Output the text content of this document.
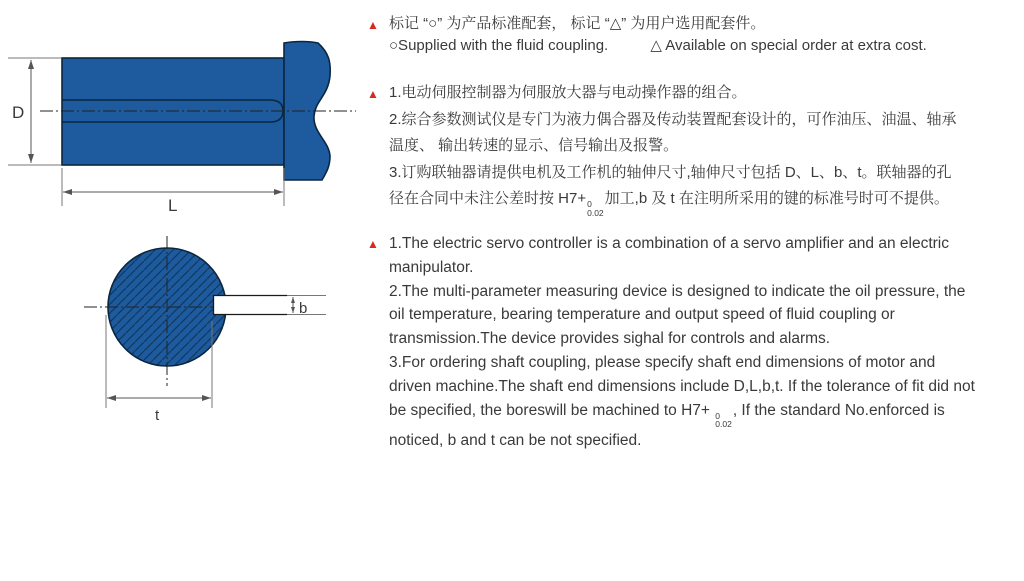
D
L
b
t
▲ 标记 “○” 为产品标准配套， 标记 “△” 为用户选用配套件。
○Supplied with the fluid coupling.	△ Available on special order at extra cost.
▲ 1.电动伺服控制器为伺服放大器与电动操作器的组合。
2.综合参数测试仪是专门为液力偶合器及传动装置配套设计的，可作油压、油温、轴承
温度、 输出转速的显示、信号输出及报警。
3.订购联轴器请提供电机及工作机的轴伸尺寸,轴伸尺寸包括 D、L、b、t。联轴器的孔
径在合同中未注公差时按 H7+ 0
0.02
加工,b 及 t 在注明所采用的键的标准号时可不提供。
▲ 1.The electric servo controller is a combination of a servo amplifier and an electric
manipulator.
2.The multi-parameter measuring device is designed to indicate the oil pressure, the
oil temperature, bearing temperature and output speed of fluid coupling or
transmission.The device provides sighal for controls and alarms.
3.For ordering shaft coupling, please specify shaft end dimensions of motor and
driven machine.The shaft end dimensions include D,L,b,t. If the tolerance of fit did not
be specified, the boreswill be machined to H7+ 0
0.02
, If the standard No.enforced is
noticed, b and t can be not specified.
